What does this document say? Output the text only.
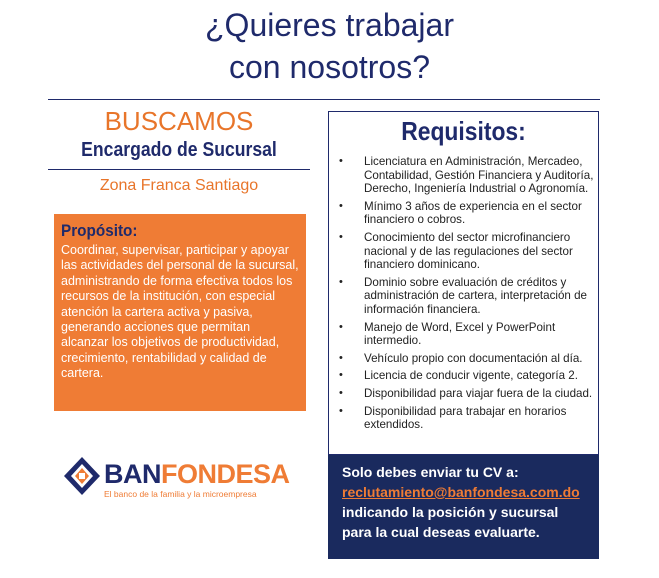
¿Quieres trabajar
con nosotros?
BUSCAMOS
Encargado de Sucursal
Zona Franca Santiago
Propósito:
Coordinar, supervisar, participar y apoyar las actividades del personal de la sucursal, administrando de forma efectiva todos los recursos de la institución, con especial atención la cartera activa y pasiva, generando acciones que permitan alcanzar los objetivos de productividad, crecimiento, rentabilidad y calidad de cartera.
Requisitos:
• Licenciatura en Administración, Mercadeo, Contabilidad, Gestión Financiera y Auditoría, Derecho, Ingeniería Industrial o Agronomía.
• Mínimo 3 años de experiencia en el sector financiero o cobros.
• Conocimiento del sector microfinanciero nacional y de las regulaciones del sector financiero dominicano.
• Dominio sobre evaluación de créditos y administración de cartera, interpretación de información financiera.
• Manejo de Word, Excel y PowerPoint intermedio.
• Vehículo propio con documentación al día.
• Licencia de conducir vigente, categoría 2.
• Disponibilidad para viajar fuera de la ciudad.
• Disponibilidad para trabajar en horarios extendidos.
Solo debes enviar tu CV a:
reclutamiento@banfondesa.com.do
indicando la posición y sucursal para la cual deseas evaluarte.
BANFONDESA
El banco de la familia y la microempresa
